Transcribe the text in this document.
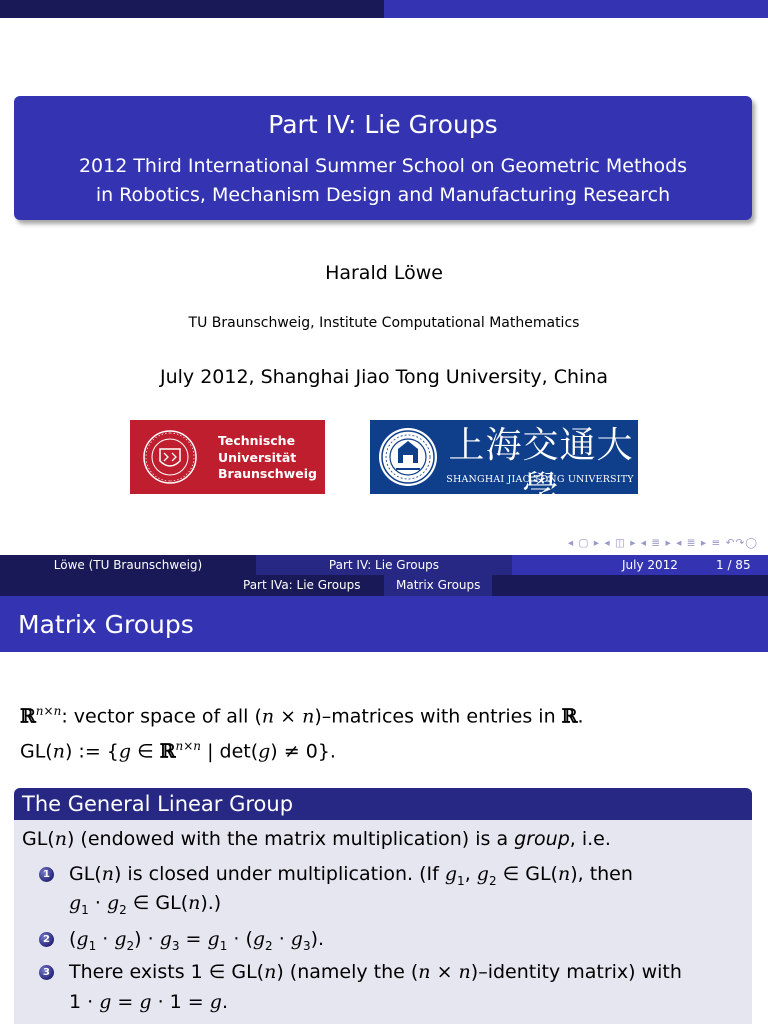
Part IV: Lie Groups
2012 Third International Summer School on Geometric Methods
in Robotics, Mechanism Design and Manufacturing Research
Harald Löwe
TU Braunschweig, Institute Computational Mathematics
July 2012, Shanghai Jiao Tong University, China
Technische
Universität
Braunschweig
上海交通大學
SHANGHAI JIAO TONG UNIVERSITY
◂ ▢ ▸ ◂ ◫ ▸ ◂ ≣ ▸ ◂ ≣ ▸ ≡ ↶↷◯
Löwe (TU Braunschweig)	Part IV: Lie Groups	July 2012	1 / 85
Part IVa: Lie Groups	Matrix Groups
Matrix Groups
ℝ$^{n\times n}$: vector space of all (n × n)–matrices with entries in ℝ.
GL(n) := {g ∈ ℝ$^{n\times n}$ | det(g) ≠ 0}.
The General Linear Group
GL(n) (endowed with the matrix multiplication) is a group, i.e.
1 GL(n) is closed under multiplication. (If $g_1$, $g_2$ ∈ GL(n), then
$g_1 \cdot g_2$ ∈ GL(n).)
2 $(g_1 \cdot g_2) \cdot g_3 = g_1 \cdot (g_2 \cdot g_3)$.
3 There exists 1 ∈ GL(n) (namely the (n × n)–identity matrix) with
1 · g = g · 1 = g.
